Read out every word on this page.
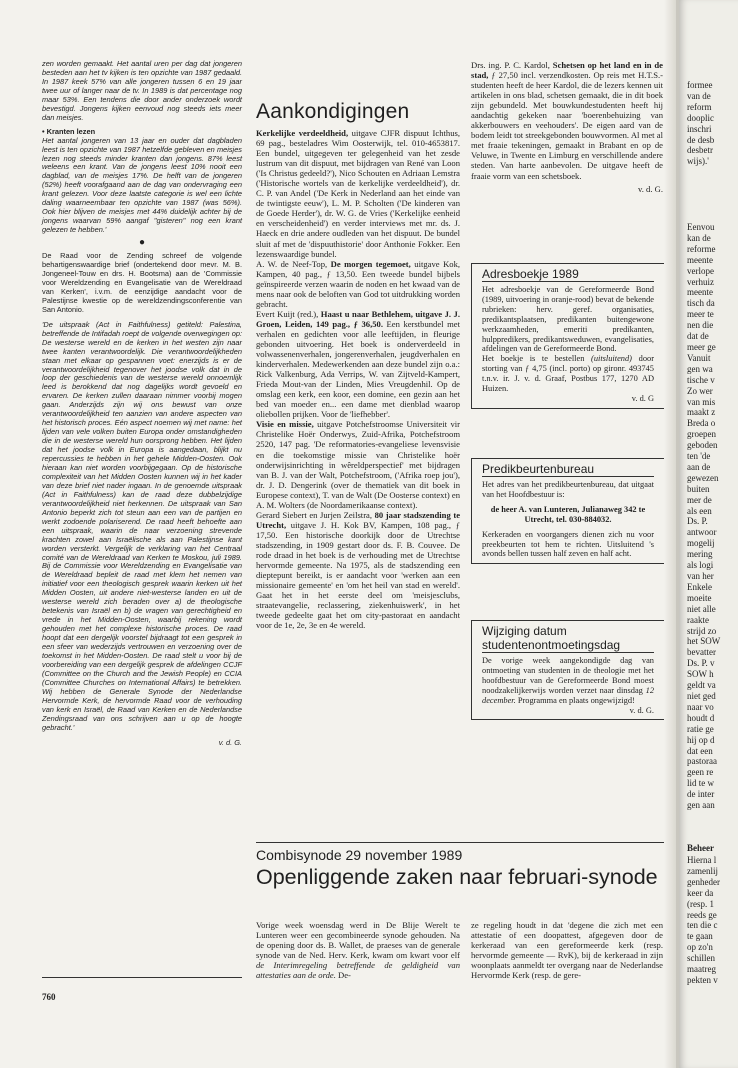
zen worden gemaakt. Het aantal uren per dag dat jongeren besteden aan het tv kijken is ten opzichte van 1987 gedaald. In 1987 keek 57% van alle jongeren tussen 6 en 19 jaar twee uur of langer naar de tv. In 1989 is dat percentage nog maar 53%. Een tendens die door ander onderzoek wordt bevestigd. Jongens kijken eenvoud nog steeds iets meer dan meisjes.

• Kranten lezen

Het aantal jongeren van 13 jaar en ouder dat dagbladen leest is ten opzichte van 1987 hetzelfde gebleven en meisjes lezen nog steeds minder kranten dan jongens. 87% leest weleens een krant. Van de jongens leest 10% nooit een dagblad, van de meisjes 17%. De helft van de jongeren (52%) heeft voorafgaand aan de dag van ondervraging een krant gelezen. Voor deze laatste categorie is wel een lichte daling waarneembaar ten opzichte van 1987 (was 56%). Ook hier blijven de meisjes met 44% duidelijk achter bij de jongens waarvan 59% aangaf "gisteren" nog een krant gelezen te hebben.'

●

De Raad voor de Zending schreef de volgende behartigenswaardige brief (ondertekend door mevr. M. B. Jongeneel-Touw en drs. H. Bootsma) aan de 'Commissie voor Wereldzending en Evangelisatie van de Wereldraad van Kerken', i.v.m. de eenzijdige aandacht voor de Palestijnse kwestie op de wereldzendingsconferentie van San Antonio.

'De uitspraak (Act in Faithfulness) getiteld: Palestina, betreffende de Intifadah roept de volgende overwegingen op: De westerse wereld en de kerken in het westen zijn naar twee kanten verantwoordelijk. Die verantwoordelijkheden staan met elkaar op gespannen voet: enerzijds is er de verantwoordelijkheid tegenover het joodse volk dat in de loop der geschiedenis van de westerse wereld onnoemlijk leed is berokkend dat nog dagelijks wordt gevoeld en ervaren. De kerken zullen daaraan nimmer voorbij mogen gaan. Anderzijds zijn wij ons bewust van onze verantwoordelijkheid ten aanzien van andere aspecten van het historisch proces. Eén aspect noemen wij met name: het lijden van vele volken buiten Europa onder omstandigheden die in de westerse wereld hun oorsprong hebben. Het lijden dat het joodse volk in Europa is aangedaan, blijkt nu repercussies te hebben in het gehele Midden-Oosten. Ook hieraan kan niet worden voorbijgegaan. Op de historische complexiteit van het Midden Oosten kunnen wij in het kader van deze brief niet nader ingaan. In de genoemde uitspraak (Act in Faithfulness) kan de raad deze dubbelzijdige verantwoordelijkheid niet herkennen. De uitspraak van San Antonio beperkt zich tot steun aan een van de partijen en werkt zodoende polariserend. De raad heeft behoefte aan een uitspraak, waarin de naar verzoening strevende krachten zowel aan Israëlische als aan Palestijnse kant worden versterkt. Vergelijk de verklaring van het Centraal comité van de Wereldraad van Kerken te Moskou, juli 1989. Bij de Commissie voor Wereldzending en Evangelisatie van de Wereldraad bepleit de raad met klem het nemen van initiatief voor een theologisch gesprek waarin kerken uit het Midden Oosten, uit andere niet-westerse landen en uit de westerse wereld zich beraden over a) de theologische betekenis van Israël en b) de vragen van gerechtigheid en vrede in het Midden-Oosten, waarbij rekening wordt gehouden met het complexe historische proces. De raad hoopt dat een dergelijk voorstel bijdraagt tot een gesprek in een sfeer van wederzijds vertrouwen en verzoening over de toekomst in het Midden-Oosten. De raad stelt u voor bij de voorbereiding van een dergelijk gesprek de afdelingen CCJF (Committee on the Church and the Jewish People) en CCIA (Committee Churches on International Affairs) te betrekken. Wij hebben de Generale Synode der Nederlandse Hervormde Kerk, de hervormde Raad voor de verhouding van kerk en Israël, de Raad van Kerken en de Nederlandse Zendingsraad van ons schrijven aan u op de hoogte gebracht.'

v. d. G.

760
Aankondigingen

Kerkelijke verdeeldheid, uitgave CJFR dispuut Ichthus, 69 pag., besteladres Wim Oosterwijk, tel. 010-4653817. Een bundel, uitgegeven ter gelegenheid van het zesde lustrum van dit dispuut, met bijdragen van René van Loon ('Is Christus gedeeld?'), Nico Schouten en Adriaan Lemstra ('Historische wortels van de kerkelijke verdeeldheid'), dr. C. P. van Andel ('De Kerk in Nederland aan het einde van de twintigste eeuw'), L. M. P. Scholten ('De kinderen van de Goede Herder'), dr. W. G. de Vries ('Kerkelijke eenheid en verscheidenheid') en verder interviews met mr. ds. J. Haeck en drie andere oudleden van het dispuut. De bundel sluit af met de 'dispuuthistorie' door Anthonie Fokker. Een lezenswaardige bundel.

A. W. de Neef-Top, De morgen tegemoet, uitgave Kok, Kampen, 40 pag., ƒ 13,50. Een tweede bundel bijbels geïnspireerde verzen waarin de noden en het kwaad van de mens naar ook de beloften van God tot uitdrukking worden gebracht.

Evert Kuijt (red.), Haast u naar Bethlehem, uitgave J. J. Groen, Leiden, 149 pag., ƒ 36,50. Een kerstbundel met verhalen en gedichten voor alle leeftijden, in fleurige gebonden uitvoering. Het boek is onderverdeeld in volwassenenverhalen, jongerenverhalen, jeugdverhalen en kinderverhalen. Medewerkenden aan deze bundel zijn o.a.: Rick Valkenburg, Ada Verrips, W. van Zijtveld-Kampert, Frieda Mout-van der Linden, Mies Vreugdenhil. Op de omslag een kerk, een koor, een domine, een gezin aan het bed van moeder en... een dame met dienblad waarop oliebollen prijken. Voor de 'liefhebber'.

Visie en missie, uitgave Potchefstroomse Universiteit vir Christelike Hoër Onderwys, Zuid-Afrika, Potchefstroom 2520, 147 pag. 'De reformatories-evangeliese levensvisie en die toekomstige missie van Christelike hoër onderwijsinrichting in wêreldperspectief' met bijdragen van B. J. van der Walt, Potchefstroom, ('Afrika roep jou'), dr. J. D. Dengerink (over de thematiek van dit boek in Europese context), T. van de Walt (De Oosterse context) en A. M. Wolters (de Noordamerikaanse context).

Gerard Siebert en Jurjen Zeilstra, 80 jaar stadszending te Utrecht, uitgave J. H. Kok BV, Kampen, 108 pag., ƒ 17,50. Een historische doorkijk door de Utrechtse stadszending, in 1909 gestart door ds. F. B. Couvee. De rode draad in het boek is de verhouding met de Utrechtse hervormde gemeente. Na 1975, als de stadszending een dieptepunt bereikt, is er aandacht voor 'werken aan een missionaire gemeente' en 'om het heil van stad en wereld'. Gaat het in het eerste deel om 'meisjesclubs, straatevangelie, reclassering, ziekenhuiswerk', in het tweede gedeelte gaat het om city-pastoraat en aandacht voor de 1e, 2e, 3e en 4e wereld.

Drs. ing. P. C. Kardol, Schetsen op het land en in de stad, ƒ 27,50 incl. verzendkosten. Op reis met H.T.S.-studenten heeft de heer Kardol, die de lezers kennen uit artikelen in ons blad, schetsen gemaakt, die in dit boek zijn gebundeld. Met bouwkundestudenten heeft hij aandachtig gekeken naar 'boerenbehuizing van akkerbouwers en veehouders'. De eigen aard van de bodem leidt tot streekgebonden bouwvormen. Al met al met fraaie tekeningen, gemaakt in Brabant en op de Veluwe, in Twente en Limburg en verschillende andere steden. Van harte aanbevolen. De uitgave heeft de fraaie vorm van een schetsboek.

v. d. G.

Adresboekje 1989

Het adresboekje van de Gereformeerde Bond (1989, uitvoering in oranje-rood) bevat de bekende rubrieken: herv. geref. organisaties, predikantsplaatsen, predikanten buitengewone werkzaamheden, emeriti predikanten, hulppredikers, predikantsweduwen, evangelisaties, afdelingen van de Gereformeerde Bond.

Het boekje is te bestellen (uitsluitend) door storting van ƒ 4,75 (incl. porto) op gironr. 493745 t.n.v. ir. J. v. d. Graaf, Postbus 177, 1270 AD Huizen.

v. d. G

Predikbeurtenbureau

Het adres van het predikbeurtenbureau, dat uitgaat van het Hoofdbestuur is:

de heer A. van Lunteren, Julianaweg 342 te Utrecht, tel. 030-884032.

Kerkeraden en voorgangers dienen zich nu voor preekbeurten tot hem te richten. Uitsluitend 's avonds bellen tussen half zeven en half acht.

Wijziging datum studentenontmoetingsdag

De vorige week aangekondigde dag van ontmoeting van studenten in de theologie met het hoofdbestuur van de Gereformeerde Bond moest noodzakelijkerwijs worden verzet naar dinsdag 12 december. Programma en plaats ongewijzigd!

v. d. G.

Combisynode 29 november 1989
Openliggende zaken naar februari-synode

Vorige week woensdag werd in De Blije Werelt te Lunteren weer een gecombineerde synode gehouden. Na de opening door ds. B. Wallet, de praeses van de generale synode van de Ned. Herv. Kerk, kwam om kwart voor elf de Interimregeling betreffende de geldigheid van attestaties aan de orde. De-

ze regeling houdt in dat 'degene die zich met een attestatie of een doopattest, afgegeven door de kerkeraad van een gereformeerde kerk (resp. hervormde gemeente — RvK), bij de kerkeraad in zijn woonplaats aanmeldt ter overgang naar de Nederlandse Hervormde Kerk (resp. de gere-

formee

van de

reform

dooplic

inschri

de desb

desbetr

wijs).'

Eenvou

kan de

reforme

meente

verlope

verhuiz

meente

tisch da

meer te

nen die

dat de

meer ge

Vanuit

gen wa

tische v

Zo wer

van mis

maakt z

Breda o

groepen

geboden

ten 'de

aan de

gewezen

buiten

mer de

als een

Ds. P.

antwoor

mogelij

mering

als logi

van her

Enkele

moeite

niet alle

raakte

strijd zo

het SOW

bevatter

Ds. P. v

SOW h

geldt va

niet ged

naar vo

houdt d

ratie ge

hij op d

dat een

pastoraa

geen re

lid te w

de inter

gen aan

Beheer

Hierna l

zamenlij

genheder

keer da

(resp. 1

reeds ge

ten die c

te gaan

op zo'n

schillen

maatreg

pekten v
